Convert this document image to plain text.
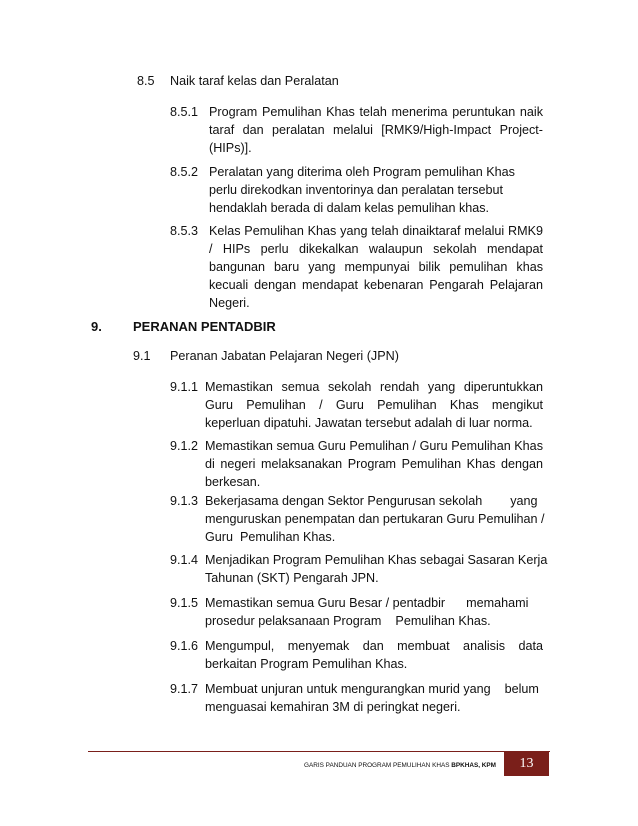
8.5 Naik taraf kelas dan Peralatan
8.5.1 Program Pemulihan Khas telah menerima peruntukan naik taraf dan peralatan melalui [RMK9/High-Impact Project-(HIPs)].
8.5.2 Peralatan yang diterima oleh Program pemulihan Khas perlu direkodkan inventorinya dan peralatan tersebut hendaklah berada di dalam kelas pemulihan khas.
8.5.3 Kelas Pemulihan Khas yang telah dinaiktaraf melalui RMK9 / HIPs perlu dikekalkan walaupun sekolah mendapat bangunan baru yang mempunyai bilik pemulihan khas kecuali dengan mendapat kebenaran Pengarah Pelajaran Negeri.
9. PERANAN PENTADBIR
9.1 Peranan Jabatan Pelajaran Negeri (JPN)
9.1.1 Memastikan semua sekolah rendah yang diperuntukkan Guru Pemulihan / Guru Pemulihan Khas mengikut keperluan dipatuhi. Jawatan tersebut adalah di luar norma.
9.1.2 Memastikan semua Guru Pemulihan / Guru Pemulihan Khas di negeri melaksanakan Program Pemulihan Khas dengan berkesan.
9.1.3 Bekerjasama dengan Sektor Pengurusan sekolah        yang menguruskan penempatan dan pertukaran Guru Pemulihan / Guru  Pemulihan Khas.
9.1.4 Menjadikan Program Pemulihan Khas sebagai Sasaran Kerja Tahunan (SKT) Pengarah JPN.
9.1.5 Memastikan semua Guru Besar / pentadbir      memahami prosedur pelaksanaan Program    Pemulihan Khas.
9.1.6 Mengumpul, menyemak dan membuat analisis data berkaitan Program Pemulihan Khas.
9.1.7 Membuat unjuran untuk mengurangkan murid yang    belum menguasai kemahiran 3M di peringkat negeri.
GARIS PANDUAN PROGRAM PEMULIHAN KHAS BPKHAS, KPM	13
